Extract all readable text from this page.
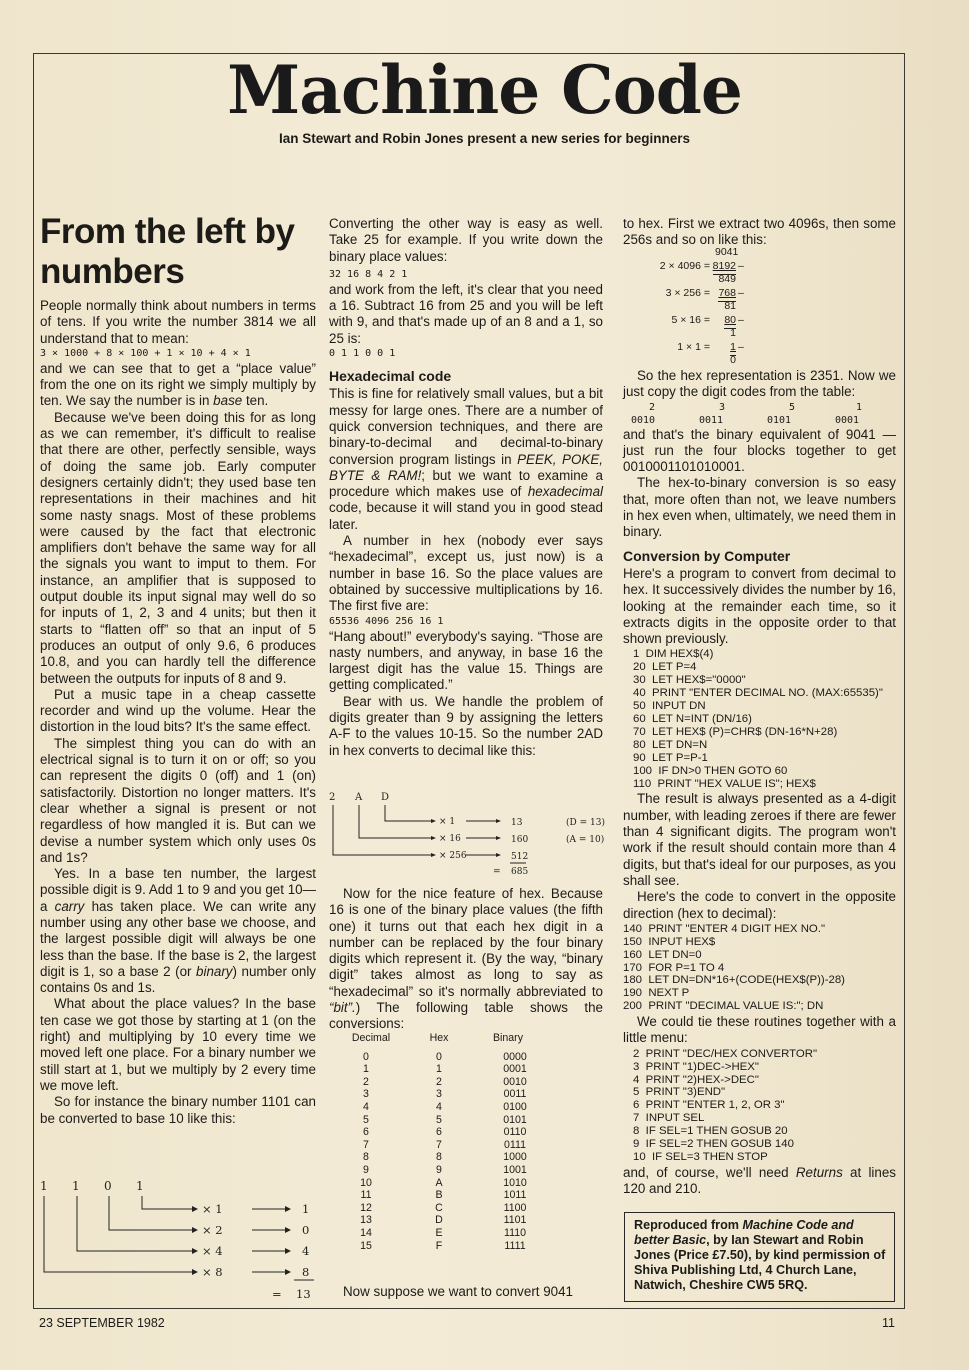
Machine Code
Ian Stewart and Robin Jones present a new series for beginners
From the left by numbers

People normally think about numbers in terms of tens. If you write the number 3814 we all understand that to mean:

3 × 1000 + 8 × 100 + 1 × 10 + 4 × 1

and we can see that to get a “place value” from the one on its right we simply multiply by ten. We say the number is in base ten.

Because we've been doing this for as long as we can remember, it's difficult to realise that there are other, perfectly sensible, ways of doing the same job. Early computer designers certainly didn't; they used base ten representations in their machines and hit some nasty snags. Most of these problems were caused by the fact that electronic amplifiers don't behave the same way for all the signals you want to imput to them. For instance, an amplifier that is supposed to output double its input signal may well do so for inputs of 1, 2, 3 and 4 units; but then it starts to “flatten off” so that an input of 5 produces an output of only 9.6, 6 produces 10.8, and you can hardly tell the difference between the outputs for inputs of 8 and 9.

Put a music tape in a cheap cassette recorder and wind up the volume. Hear the distortion in the loud bits? It's the same effect.

The simplest thing you can do with an electrical signal is to turn it on or off; so you can represent the digits 0 (off) and 1 (on) satisfactorily. Distortion no longer matters. It's clear whether a signal is present or not regardless of how mangled it is. But can we devise a number system which only uses 0s and 1s?

Yes. In a base ten number, the largest possible digit is 9. Add 1 to 9 and you get 10—a carry has taken place. We can write any number using any other base we choose, and the largest possible digit will always be one less than the base. If the base is 2, the largest digit is 1, so a base 2 (or binary) number only contains 0s and 1s.

What about the place values? In the base ten case we got those by starting at 1 (on the right) and multiplying by 10 every time we moved left one place. For a binary number we still start at 1, but we multiply by 2 every time we move left.

So for instance the binary number 1101 can be converted to base 10 like this:

1 1 0 1
× 1
× 2
× 4
× 8
1
0
4
8
= 13

Converting the other way is easy as well. Take 25 for example. If you write down the binary place values:

32 16 8 4 2 1

and work from the left, it's clear that you need a 16. Subtract 16 from 25 and you will be left with 9, and that's made up of an 8 and a 1, so 25 is:

0 1 1 0 0 1
Hexadecimal code

This is fine for relatively small values, but a bit messy for large ones. There are a number of quick conversion techniques, and there are binary-to-decimal and decimal-to-binary conversion program listings in PEEK, POKE, BYTE & RAM!; but we want to examine a procedure which makes use of hexadecimal code, because it will stand you in good stead later.

A number in hex (nobody ever says “hexadecimal”, except us, just now) is a number in base 16. So the place values are obtained by successive multiplications by 16. The first five are:

65536 4096 256 16 1

“Hang about!” everybody's saying. “Those are nasty numbers, and anyway, in base 16 the largest digit has the value 15. Things are getting complicated.”

Bear with us. We handle the problem of digits greater than 9 by assigning the letters A-F to the values 10-15. So the number 2AD in hex converts to decimal like this:

2 A D
× 1
× 16
× 256
13
160
512
(D = 13)
(A = 10)
= 685

Now for the nice feature of hex. Because 16 is one of the binary place values (the fifth one) it turns out that each hex digit in a number can be replaced by the four binary digits which represent it. (By the way, “binary digit” takes almost as long to say as “hexadecimal” so it's normally abbreviated to “bit”.) The following table shows the conversions:

Decimal	Hex	Binary
0	0	0000
1	1	0001
2	2	0010
3	3	0011
4	4	0100
5	5	0101
6	6	0110
7	7	0111
8	8	1000
9	9	1001
10	A	1010
11	B	1011
12	C	1100
13	D	1101
14	E	1110
15	F	1111

Now suppose we want to convert 9041

to hex. First we extract two 4096s, then some 256s and so on like this:

9041
2 × 4096 = 8192 –
849
3 × 256 = 768 –
81
5 × 16 = 80 –
1
1 × 1 = 1 –
0

So the hex representation is 2351. Now we just copy the digit codes from the table:

2	3	5	1
0010	0011	0101	0001

and that's the binary equivalent of 9041 — just run the four blocks together to get 0010001101010001.

The hex-to-binary conversion is so easy that, more often than not, we leave numbers in hex even when, ultimately, we need them in binary.

Conversion by Computer

Here's a program to convert from decimal to hex. It successively divides the number by 16, looking at the remainder each time, so it extracts digits in the opposite order to that shown previously.

1  DIM HEX$(4)
20  LET P=4
30  LET HEX$="0000"
40  PRINT "ENTER DECIMAL NO. (MAX:65535)"
50  INPUT DN
60  LET N=INT (DN/16)
70  LET HEX$ (P)=CHR$ (DN-16*N+28)
80  LET DN=N
90  LET P=P-1
100  IF DN>0 THEN GOTO 60
110  PRINT "HEX VALUE IS"; HEX$

The result is always presented as a 4-digit number, with leading zeroes if there are fewer than 4 significant digits. The program won't work if the result should contain more than 4 digits, but that's ideal for our purposes, as you shall see.

Here's the code to convert in the opposite direction (hex to decimal):

140  PRINT "ENTER 4 DIGIT HEX NO."
150  INPUT HEX$
160  LET DN=0
170  FOR P=1 TO 4
180  LET DN=DN*16+(CODE(HEX$(P))-28)
190  NEXT P
200  PRINT "DECIMAL VALUE IS:"; DN

We could tie these routines together with a little menu:

2  PRINT "DEC/HEX CONVERTOR"
3  PRINT "1)DEC->HEX"
4  PRINT "2)HEX->DEC"
5  PRINT "3)END"
6  PRINT "ENTER 1, 2, OR 3"
7  INPUT SEL
8  IF SEL=1 THEN GOSUB 20
9  IF SEL=2 THEN GOSUB 140
10  IF SEL=3 THEN STOP

and, of course, we'll need Returns at lines 120 and 210.

Reproduced from Machine Code and better Basic, by Ian Stewart and Robin Jones (Price £7.50), by kind permission of Shiva Publishing Ltd, 4 Church Lane, Natwich, Cheshire CW5 5RQ.

23 SEPTEMBER 1982	11
